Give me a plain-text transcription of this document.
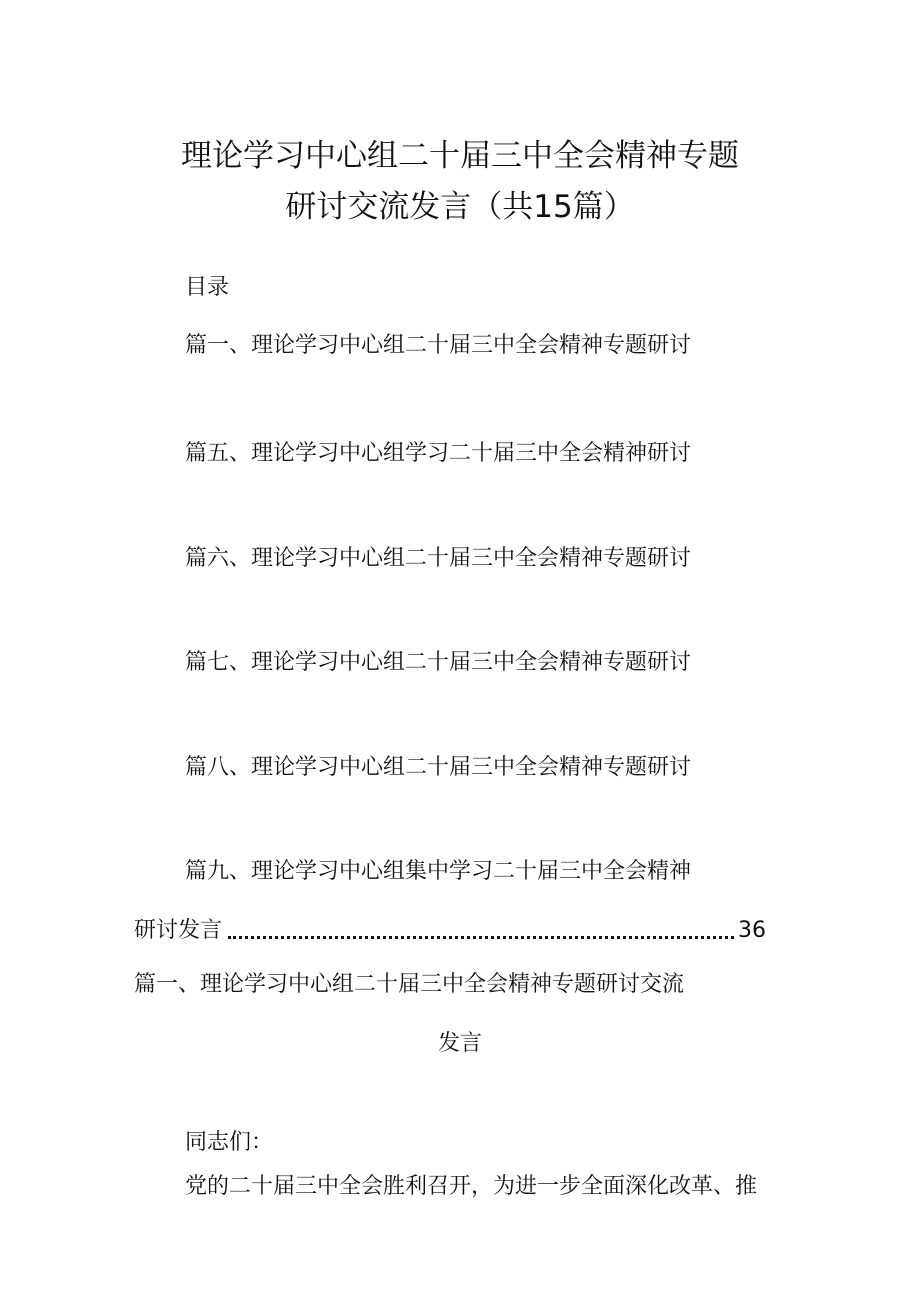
理论学习中心组二十届三中全会精神专题
研讨交流发言（共15篇）
目录
篇一、理论学习中心组二十届三中全会精神专题研讨
篇五、理论学习中心组学习二十届三中全会精神研讨
篇六、理论学习中心组二十届三中全会精神专题研讨
篇七、理论学习中心组二十届三中全会精神专题研讨
篇八、理论学习中心组二十届三中全会精神专题研讨
篇九、理论学习中心组集中学习二十届三中全会精神
研讨发言	36
篇一、理论学习中心组二十届三中全会精神专题研讨交流
发言
同志们：
党的二十届三中全会胜利召开，为进一步全面深化改革、推
